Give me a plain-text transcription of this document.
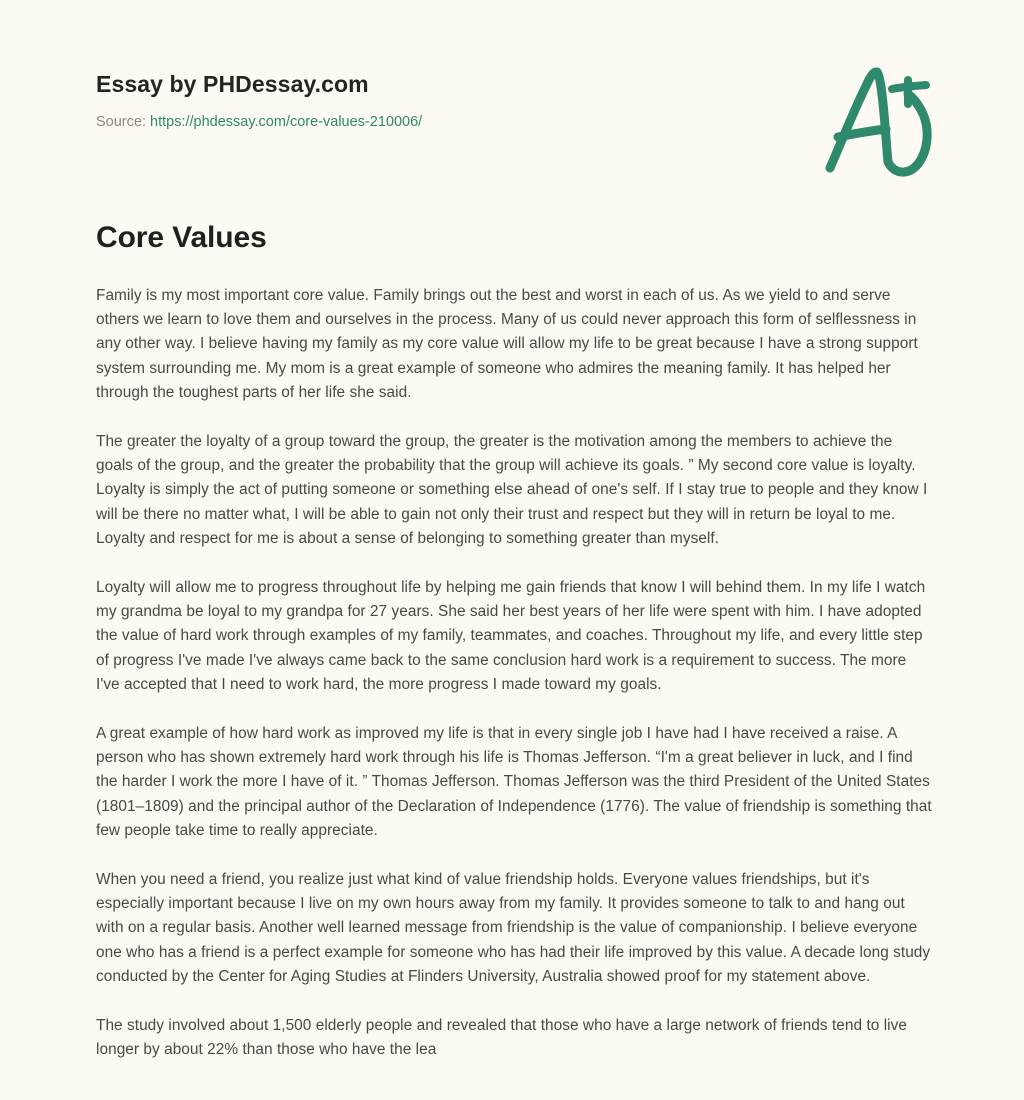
Essay by PHDessay.com
Source: https://phdessay.com/core-values-210006/
Core Values

Family is my most important core value. Family brings out the best and worst in each of us. As we yield to and serve others we learn to love them and ourselves in the process. Many of us could never approach this form of selflessness in any other way. I believe having my family as my core value will allow my life to be great because I have a strong support system surrounding me. My mom is a great example of someone who admires the meaning family. It has helped her through the toughest parts of her life she said.

The greater the loyalty of a group toward the group, the greater is the motivation among the members to achieve the goals of the group, and the greater the probability that the group will achieve its goals. ” My second core value is loyalty. Loyalty is simply the act of putting someone or something else ahead of one's self. If I stay true to people and they know I will be there no matter what, I will be able to gain not only their trust and respect but they will in return be loyal to me. Loyalty and respect for me is about a sense of belonging to something greater than myself.

Loyalty will allow me to progress throughout life by helping me gain friends that know I will behind them. In my life I watch my grandma be loyal to my grandpa for 27 years. She said her best years of her life were spent with him. I have adopted the value of hard work through examples of my family, teammates, and coaches. Throughout my life, and every little step of progress I've made I've always came back to the same conclusion hard work is a requirement to success. The more I've accepted that I need to work hard, the more progress I made toward my goals.

A great example of how hard work as improved my life is that in every single job I have had I have received a raise. A person who has shown extremely hard work through his life is Thomas Jefferson. “I'm a great believer in luck, and I find the harder I work the more I have of it. ” Thomas Jefferson. Thomas Jefferson was the third President of the United States (1801–1809) and the principal author of the Declaration of Independence (1776). The value of friendship is something that few people take time to really appreciate.

When you need a friend, you realize just what kind of value friendship holds. Everyone values friendships, but it's especially important because I live on my own hours away from my family. It provides someone to talk to and hang out with on a regular basis. Another well learned message from friendship is the value of companionship. I believe everyone one who has a friend is a perfect example for someone who has had their life improved by this value. A decade long study conducted by the Center for Aging Studies at Flinders University, Australia showed proof for my statement above.

The study involved about 1,500 elderly people and revealed that those who have a large network of friends tend to live longer by about 22% than those who have the lea
